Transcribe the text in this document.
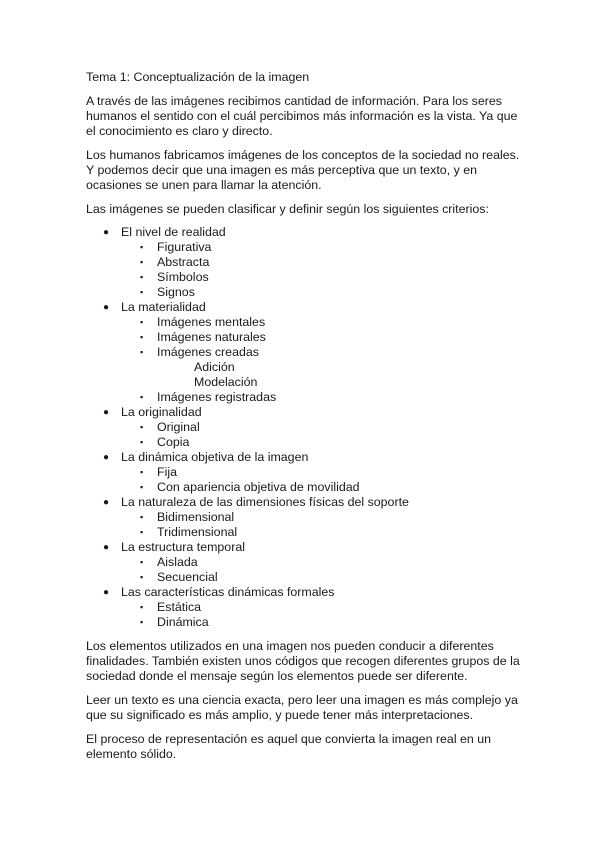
Tema 1: Conceptualización de la imagen

A través de las imágenes recibimos cantidad de información. Para los seres humanos el sentido con el cuál percibimos más información es la vista. Ya que el conocimiento es claro y directo.

Los humanos fabricamos imágenes de los conceptos de la sociedad no reales. Y podemos decir que una imagen es más perceptiva que un texto, y en ocasiones se unen para llamar la atención.

Las imágenes se pueden clasificar y definir según los siguientes criterios:
● El nivel de realidad
▪ Figurativa
▪ Abstracta
▪ Símbolos
▪ Signos
● La materialidad
▪ Imágenes mentales
▪ Imágenes naturales
▪ Imágenes creadas
Adición
Modelación
▪ Imágenes registradas
● La originalidad
▪ Original
▪ Copia
● La dinámica objetiva de la imagen
▪ Fija
▪ Con apariencia objetiva de movilidad
● La naturaleza de las dimensiones físicas del soporte
▪ Bidimensional
▪ Tridimensional
● La estructura temporal
▪ Aislada
▪ Secuencial
● Las características dinámicas formales
▪ Estática
▪ Dinámica

Los elementos utilizados en una imagen nos pueden conducir a diferentes finalidades. También existen unos códigos que recogen diferentes grupos de la sociedad donde el mensaje según los elementos puede ser diferente.

Leer un texto es una ciencia exacta, pero leer una imagen es más complejo ya que su significado es más amplio, y puede tener más interpretaciones.

El proceso de representación es aquel que convierta la imagen real en un elemento sólido.
